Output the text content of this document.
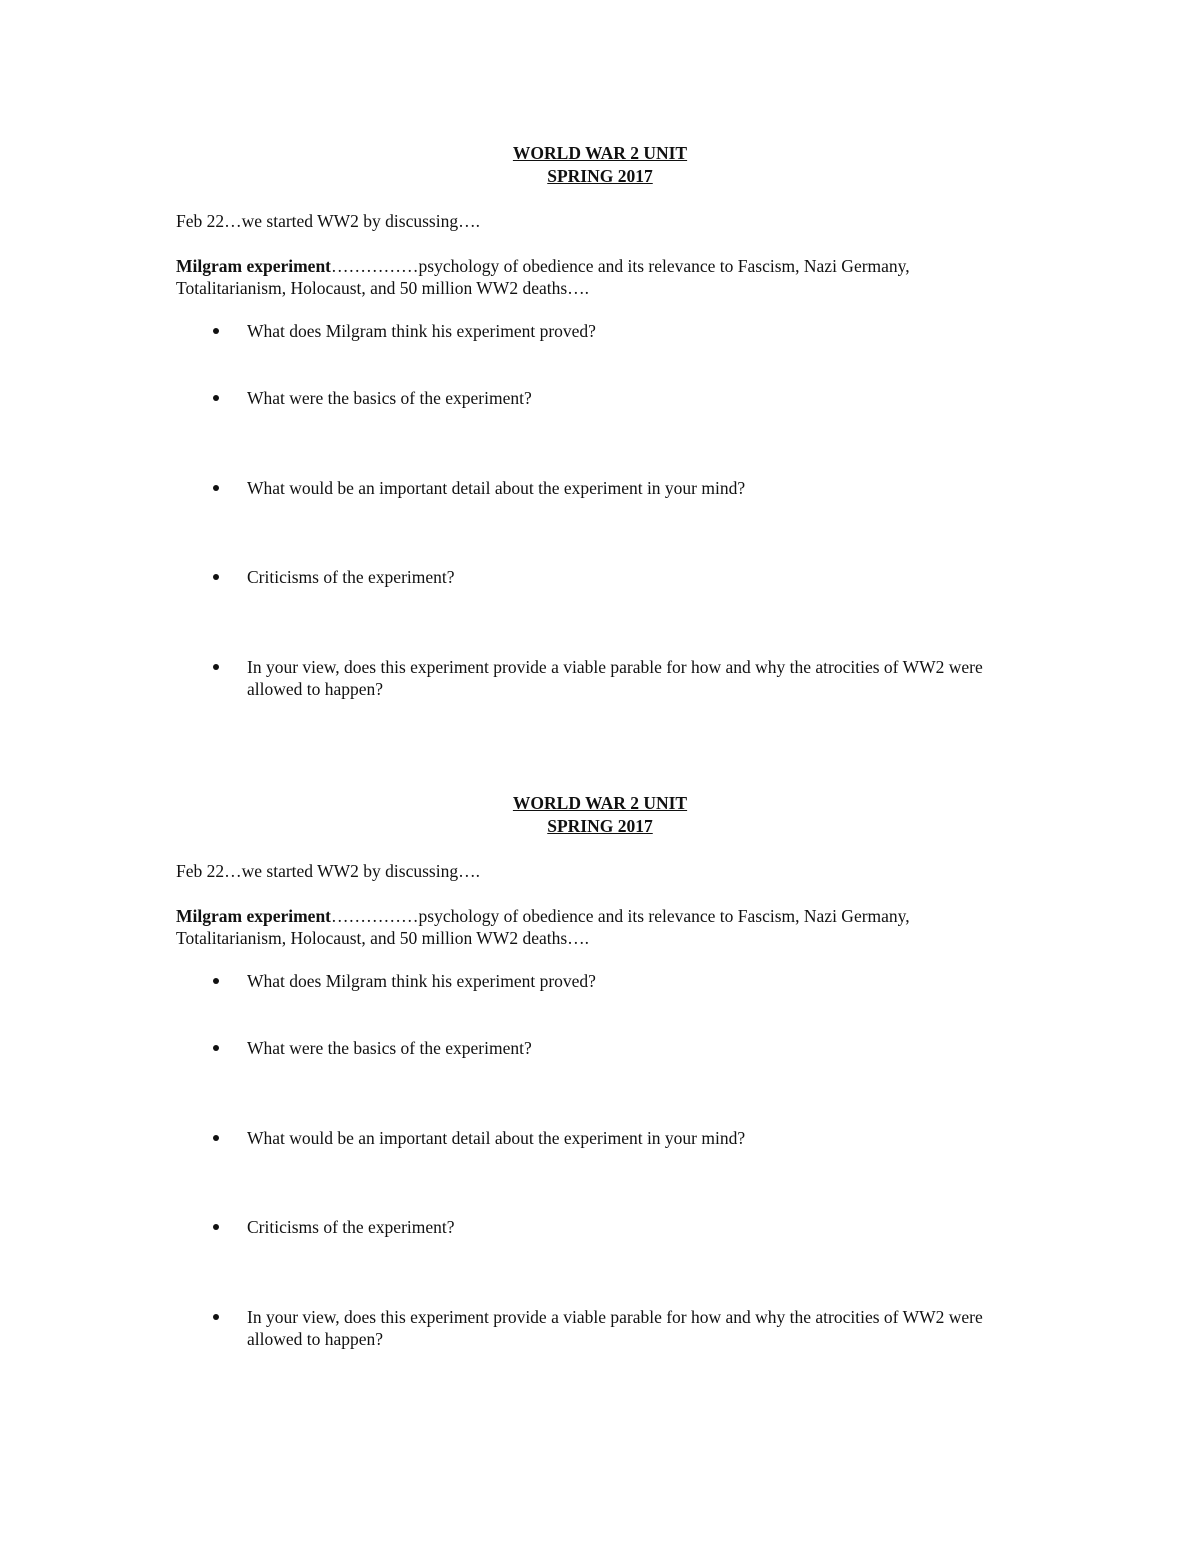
WORLD WAR 2 UNIT
SPRING 2017
Feb 22…we started WW2 by discussing….
Milgram experiment……………psychology of obedience and its relevance to Fascism, Nazi Germany, Totalitarianism, Holocaust, and 50 million WW2 deaths….
What does Milgram think his experiment proved?
What were the basics of the experiment?
What would be an important detail about the experiment in your mind?
Criticisms of the experiment?
In your view, does this experiment provide a viable parable for how and why the atrocities of WW2 were allowed to happen?
WORLD WAR 2 UNIT
SPRING 2017
Feb 22…we started WW2 by discussing….
Milgram experiment……………psychology of obedience and its relevance to Fascism, Nazi Germany, Totalitarianism, Holocaust, and 50 million WW2 deaths….
What does Milgram think his experiment proved?
What were the basics of the experiment?
What would be an important detail about the experiment in your mind?
Criticisms of the experiment?
In your view, does this experiment provide a viable parable for how and why the atrocities of WW2 were allowed to happen?
